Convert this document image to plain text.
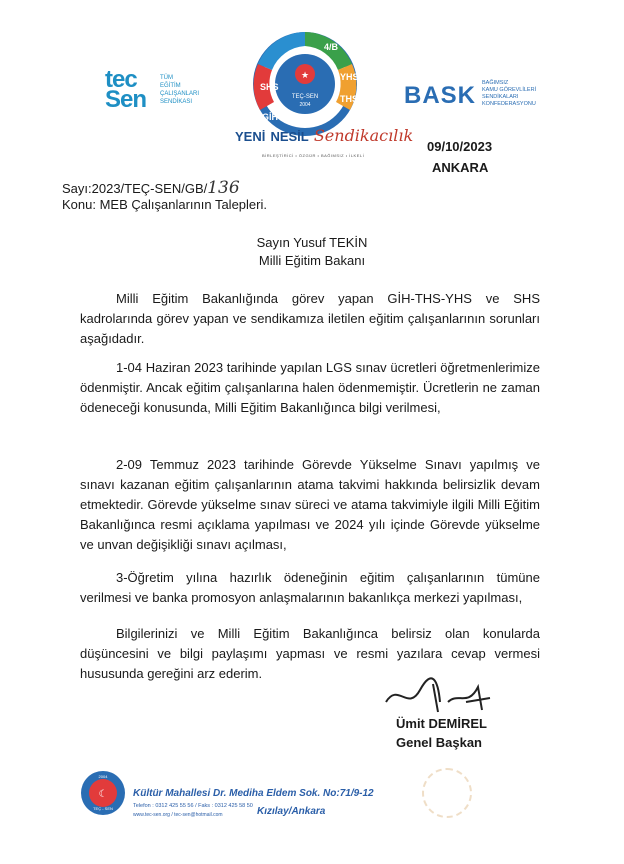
tec
Sen
TÜM
EĞİTİM
ÇALIŞANLARI
SENDİKASI
★
4/B
YHS
THS
GİH
SHS
TEÇ-SEN
2004
YENİ NESİL Sendikacılık
BİRLEŞTİRİCİ • ÖZGÜR • BAĞIMSIZ • İLKELİ
BASK BAĞIMSIZ
KAMU GÖREVLİLERİ
SENDİKALARI
KONFEDERASYONU
09/10/2023
ANKARA
Sayı:2023/TEÇ-SEN/GB/136
Konu: MEB Çalışanlarının Talepleri.
Sayın Yusuf TEKİN
Milli Eğitim Bakanı
Milli Eğitim Bakanlığında görev yapan GİH-THS-YHS ve SHS kadrolarında görev yapan ve sendikamıza iletilen eğitim çalışanlarının sorunları aşağıdadır.
1-04 Haziran 2023 tarihinde yapılan LGS sınav ücretleri öğretmenlerimize ödenmiştir. Ancak eğitim çalışanlarına halen ödenmemiştir. Ücretlerin ne zaman ödeneceği konusunda, Milli Eğitim Bakanlığınca bilgi verilmesi,
2-09 Temmuz 2023 tarihinde Görevde Yükselme Sınavı yapılmış ve sınavı kazanan eğitim çalışanlarının atama takvimi hakkında belirsizlik devam etmektedir. Görevde yükselme sınav süreci ve atama takvimiyle ilgili Milli Eğitim Bakanlığınca resmi açıklama yapılması ve 2024 yılı içinde Görevde yükselme ve unvan değişikliği sınavı açılması,
3-Öğretim yılına hazırlık ödeneğinin eğitim çalışanlarının tümüne verilmesi ve banka promosyon anlaşmalarının bakanlıkça merkezi yapılması,
Bilgilerinizi ve Milli Eğitim Bakanlığınca belirsiz olan konularda düşüncesini ve bilgi paylaşımı yapması ve resmi yazılara cevap vermesi hususunda gereğini arz ederim.
Ümit DEMİREL
Genel Başkan
☾
TEÇ - SEN
2004
Kültür Mahallesi Dr. Mediha Eldem Sok. No:71/9-12
Telefon : 0312 425 55 56 / Faks : 0312 425 58 50
www.tec-sen.org / tec-sen@hotmail.com	Kızılay/Ankara
